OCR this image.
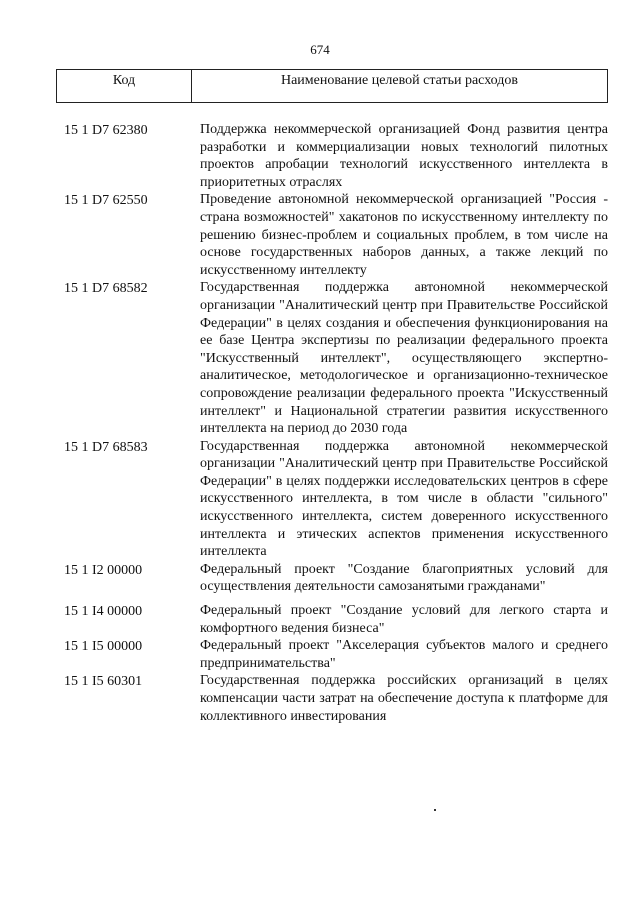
674
Код	Наименование целевой статьи расходов
15 1 D7 62380	Поддержка некоммерческой организацией Фонд развития центра разработки и коммерциализации новых технологий пилотных проектов апробации технологий искусственного интеллекта в приоритетных отраслях
15 1 D7 62550	Проведение автономной некоммерческой организацией "Россия - страна возможностей" хакатонов по искусственному интеллекту по решению бизнес-проблем и социальных проблем, в том числе на основе государственных наборов данных, а также лекций по искусственному интеллекту
15 1 D7 68582	Государственная поддержка автономной некоммерческой организации "Аналитический центр при Правительстве Российской Федерации" в целях создания и обеспечения функционирования на ее базе Центра экспертизы по реализации федерального проекта "Искусственный интеллект", осуществляющего экспертно-аналитическое, методологическое и организационно-техническое сопровождение реализации федерального проекта "Искусственный интеллект" и Национальной стратегии развития искусственного интеллекта на период до 2030 года
15 1 D7 68583	Государственная поддержка автономной некоммерческой организации "Аналитический центр при Правительстве Российской Федерации" в целях поддержки исследовательских центров в сфере искусственного интеллекта, в том числе в области "сильного" искусственного интеллекта, систем доверенного искусственного интеллекта и этических аспектов применения искусственного интеллекта
15 1 I2 00000	Федеральный проект "Создание благоприятных условий для осуществления деятельности самозанятыми гражданами"
15 1 I4 00000	Федеральный проект "Создание условий для легкого старта и комфортного ведения бизнеса"
15 1 I5 00000	Федеральный проект "Акселерация субъектов малого и среднего предпринимательства"
15 1 I5 60301	Государственная поддержка российских организаций в целях компенсации части затрат на обеспечение доступа к платформе для коллективного инвестирования
